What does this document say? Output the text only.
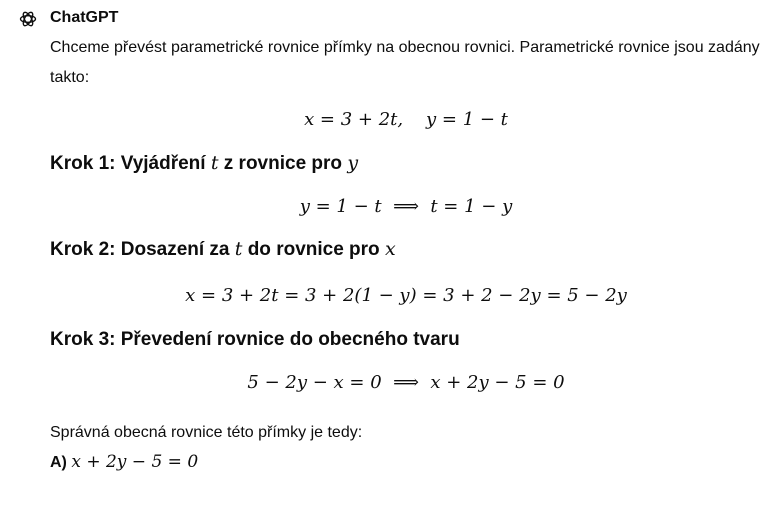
ChatGPT

Chceme převést parametrické rovnice přímky na obecnou rovnici. Parametrické rovnice jsou zadány takto:

x = 3 + 2t,    y = 1 − t
Krok 1: Vyjádření t z rovnice pro y
y = 1 − t  ⟹  t = 1 − y
Krok 2: Dosazení za t do rovnice pro x
x = 3 + 2t = 3 + 2(1 − y) = 3 + 2 − 2y = 5 − 2y
Krok 3: Převedení rovnice do obecného tvaru
5 − 2y − x = 0  ⟹  x + 2y − 5 = 0

Správná obecná rovnice této přímky je tedy:

A) x + 2y − 5 = 0
